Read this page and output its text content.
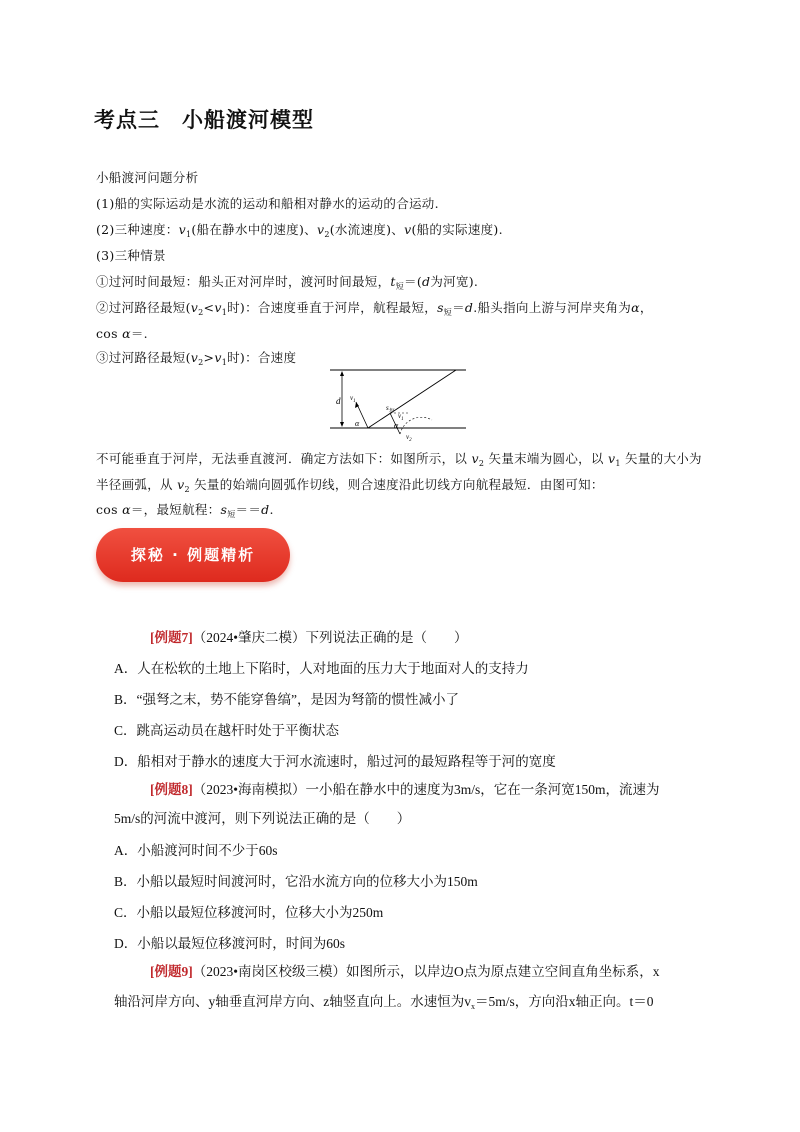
考点三 小船渡河模型
小船渡河问题分析
(1)船的实际运动是水流的运动和船相对静水的运动的合运动.
(2)三种速度：$v_1$(船在静水中的速度)、$v_2$(水流速度)、v(船的实际速度).
(3)三种情景
①过河时间最短：船头正对河岸时，渡河时间最短，$t_短=(d$为河宽).
②过河路径最短($v_2<v_1$时)：合速度垂直于河岸，航程最短，$s_短=d$.船头指向上游与河岸夹角为α，
cos α＝.
③过河路径最短($v_2>v_1$时)：合速度
d $v_1$
$s_短$
$v_1$
α	α
$v_2$
不可能垂直于河岸，无法垂直渡河．确定方法如下：如图所示，以 $v_2$ 矢量末端为圆心，以 $v_1$ 矢量的大小为半径画弧，从 $v_2$ 矢量的始端向圆弧作切线，则合速度沿此切线方向航程最短．由图可知：
cos α＝，最短航程：$s_短==d$.
探秘 · 例题精析
[例题7]（2024•肇庆二模）下列说法正确的是（　　）
A．人在松软的土地上下陷时，人对地面的压力大于地面对人的支持力
B．“强弩之末，势不能穿鲁缟”，是因为弩箭的惯性减小了
C．跳高运动员在越杆时处于平衡状态
D．船相对于静水的速度大于河水流速时，船过河的最短路程等于河的宽度
[例题8]（2023•海南模拟）一小船在静水中的速度为3m/s，它在一条河宽150m，流速为
5m/s的河流中渡河，则下列说法正确的是（　　）
A．小船渡河时间不少于60s
B．小船以最短时间渡河时，它沿水流方向的位移大小为150m
C．小船以最短位移渡河时，位移大小为250m
D．小船以最短位移渡河时，时间为60s
[例题9]（2023•南岗区校级三模）如图所示，以岸边O点为原点建立空间直角坐标系，x
轴沿河岸方向、y轴垂直河岸方向、z轴竖直向上。水速恒为$v_x=5m/s$，方向沿x轴正向。t＝0
